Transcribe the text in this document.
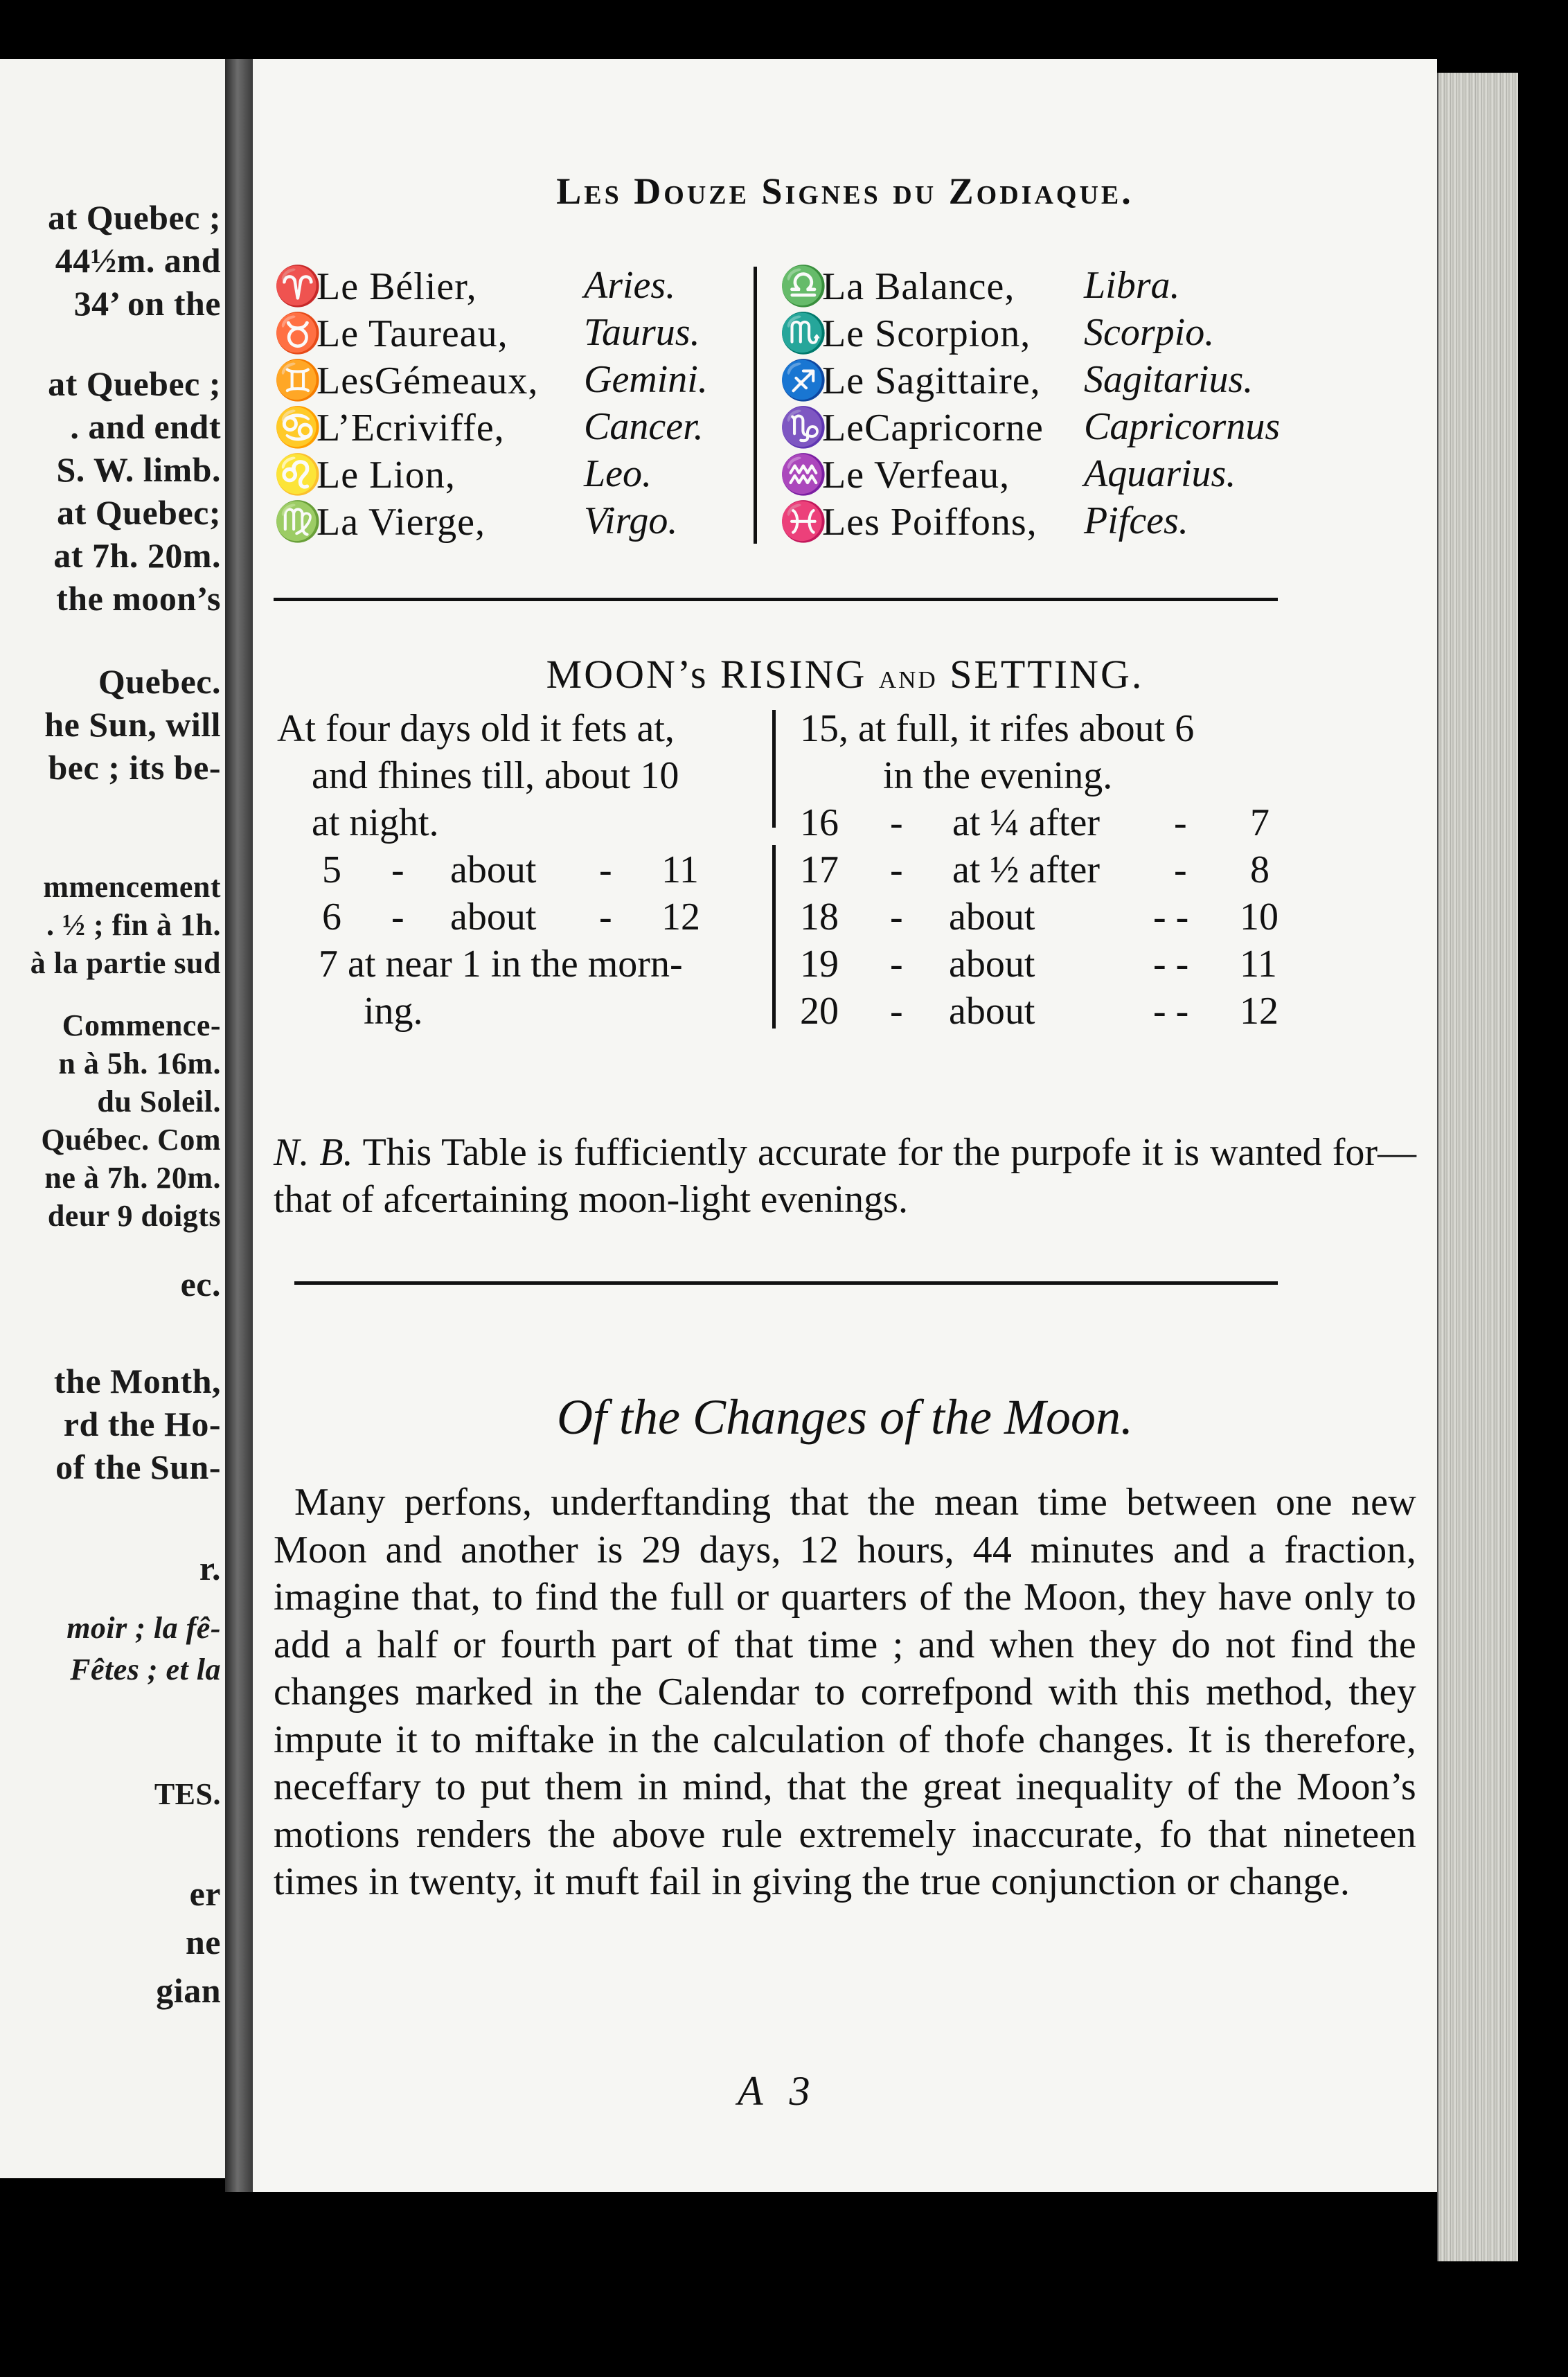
at Quebec ;
44½m. and
34’ on the
at Quebec ;
. and endt
S. W. limb.
at Quebec;
at 7h. 20m.
the moon’s
Quebec.
he Sun, will
bec ; its be-
mmencement
. ½ ; fin à 1h.
à la partie sud
Commence-
n à 5h. 16m.
du Soleil.
Québec. Com
ne à 7h. 20m.
deur 9 doigts
ec.
the Month,
rd the Ho-
of the Sun-
r.
moir ; la fê-
Fêtes ; et la
TES.
er
ne
gian
Les Douze Signes du Zodiaque.
♈Le Bélier,	Aries.
♉Le Taureau, Taurus.
♊LesGémeaux, Gemini.
♋L’Ecriviffe, Cancer.
♌Le Lion,	Leo.
♍La Vierge,	Virgo.
♎La Balance, Libra.
♏Le Scorpion, Scorpio.
♐Le Sagittaire, Sagitarius.
♑LeCapricorne Capricornus
♒Le Verfeau, Aquarius.
♓Les Poiffons, Pifces.
MOON’s RISING and SETTING.
At four days old it fets at,
and fhines till, about 10
at night.
5 - about - 11
6 - about - 12
7 at near 1 in the morn-
ing.
15, at full, it rifes about 6
in the evening.
16 - at ¼ after - 7
17 - at ½ after - 8
18 - about	- - 10
19 - about	- - 11
20 - about	- - 12
N. B. This Table is fufficiently accurate for the purpofe it is wanted for—that of afcertaining moon-light evenings.
Of the Changes of the Moon.
Many perfons, underftanding that the mean time between one new Moon and another is 29 days, 12 hours, 44 minutes and a fraction, imagine that, to find the full or quarters of the Moon, they have only to add a half or fourth part of that time ; and when they do not find the changes marked in the Calendar to correfpond with this method, they impute it to miftake in the calculation of thofe changes. It is therefore, neceffary to put them in mind, that the great inequality of the Moon’s motions renders the above rule extremely inaccurate, fo that nineteen times in twenty, it muft fail in giving the true conjunction or change.
A 3
